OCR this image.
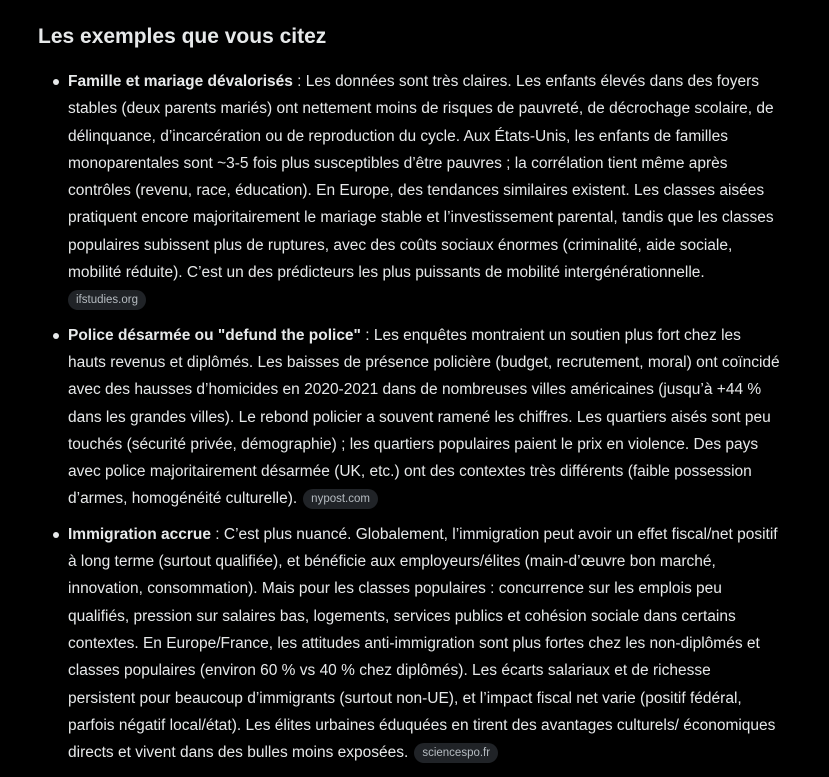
Les exemples que vous citez
Famille et mariage dévalorisés : Les données sont très claires. Les enfants élevés dans des foyers stables (deux parents mariés) ont nettement moins de risques de pauvreté, de décrochage scolaire, de délinquance, d’incarcération ou de reproduction du cycle. Aux États-Unis, les enfants de familles monoparentales sont ~3-5 fois plus susceptibles d’être pauvres ; la corrélation tient même après contrôles (revenu, race, éducation). En Europe, des tendances similaires existent. Les classes aisées pratiquent encore majoritairement le mariage stable et l’investissement parental, tandis que les classes populaires subissent plus de ruptures, avec des coûts sociaux énormes (criminalité, aide sociale, mobilité réduite). C’est un des prédicteurs les plus puissants de mobilité intergénérationnelle.
ifstudies.org
Police désarmée ou "defund the police" : Les enquêtes montraient un soutien plus fort chez les hauts revenus et diplômés. Les baisses de présence policière (budget, recrutement, moral) ont coïncidé avec des hausses d’homicides en 2020-2021 dans de nombreuses villes américaines (jusqu’à +44 % dans les grandes villes). Le rebond policier a souvent ramené les chiffres. Les quartiers aisés sont peu touchés (sécurité privée, démographie) ; les quartiers populaires paient le prix en violence. Des pays avec police majoritairement désarmée (UK, etc.) ont des contextes très différents (faible possession d’armes, homogénéité culturelle). nypost.com
Immigration accrue : C’est plus nuancé. Globalement, l’immigration peut avoir un effet fiscal/net positif à long terme (surtout qualifiée), et bénéficie aux employeurs/élites (main-d’œuvre bon marché, innovation, consommation). Mais pour les classes populaires : concurrence sur les emplois peu qualifiés, pression sur salaires bas, logements, services publics et cohésion sociale dans certains contextes. En Europe/France, les attitudes anti-immigration sont plus fortes chez les non-diplômés et classes populaires (environ 60 % vs 40 % chez diplômés). Les écarts salariaux et de richesse persistent pour beaucoup d’immigrants (surtout non-UE), et l’impact fiscal net varie (positif fédéral, parfois négatif local/état). Les élites urbaines éduquées en tirent des avantages culturels/ économiques directs et vivent dans des bulles moins exposées. sciencespo.fr
